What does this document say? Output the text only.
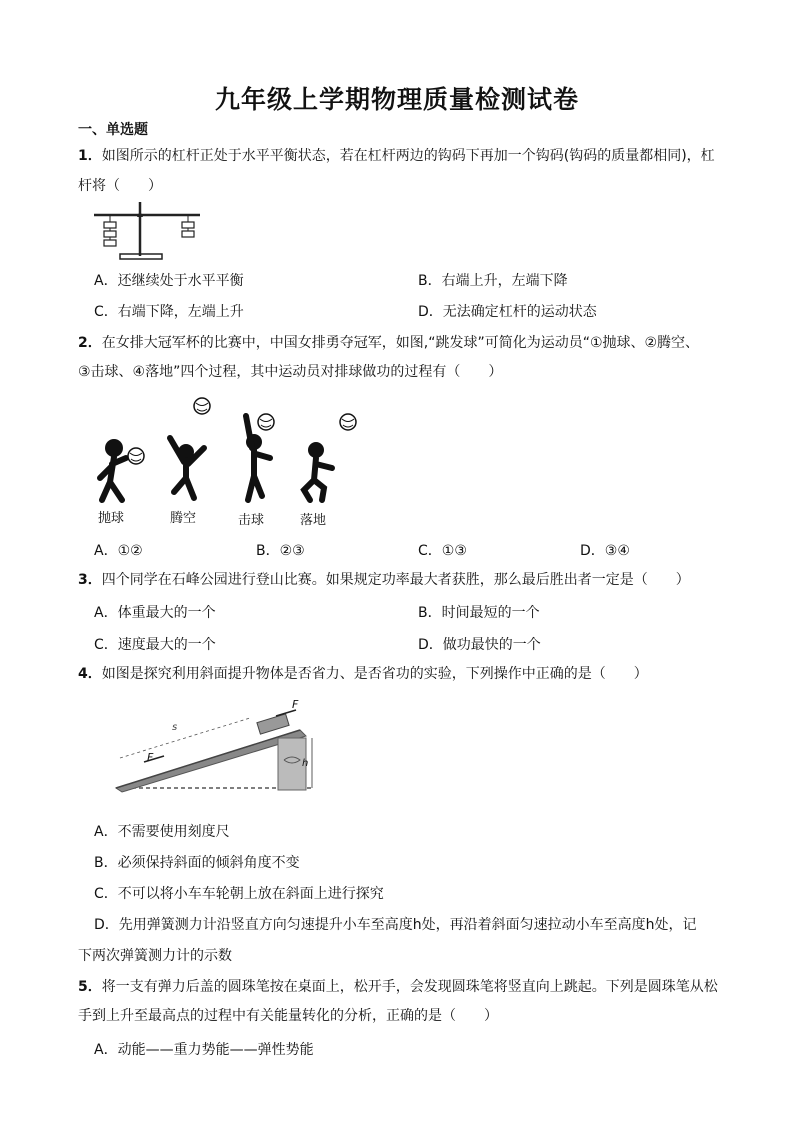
九年级上学期物理质量检测试卷
一、单选题
1．如图所示的杠杆正处于水平平衡状态，若在杠杆两边的钩码下再加一个钩码(钩码的质量都相同)，杠
杆将（　　）
A．还继续处于水平平衡	B．右端上升，左端下降
C．右端下降，左端上升	D．无法确定杠杆的运动状态
2．在女排大冠军杯的比赛中，中国女排勇夺冠军，如图,“跳发球”可简化为运动员“①抛球、②腾空、
③击球、④落地”四个过程，其中运动员对排球做功的过程有（　　）
抛球	腾空	击球	落地
A．①②	B．②③	C．①③	D．③④
3．四个同学在石峰公园进行登山比赛。如果规定功率最大者获胜，那么最后胜出者一定是（　　）
A．体重最大的一个	B．时间最短的一个
C．速度最大的一个	D．做功最快的一个
4．如图是探究利用斜面提升物体是否省力、是否省功的实验，下列操作中正确的是（　　）
F
F
s
h
A．不需要使用刻度尺
B．必须保持斜面的倾斜角度不变
C．不可以将小车车轮朝上放在斜面上进行探究
D．先用弹簧测力计沿竖直方向匀速提升小车至高度h处，再沿着斜面匀速拉动小车至高度h处，记
下两次弹簧测力计的示数
5．将一支有弹力后盖的圆珠笔按在桌面上，松开手，会发现圆珠笔将竖直向上跳起。下列是圆珠笔从松
手到上升至最高点的过程中有关能量转化的分析，正确的是（　　）
A．动能——重力势能——弹性势能
